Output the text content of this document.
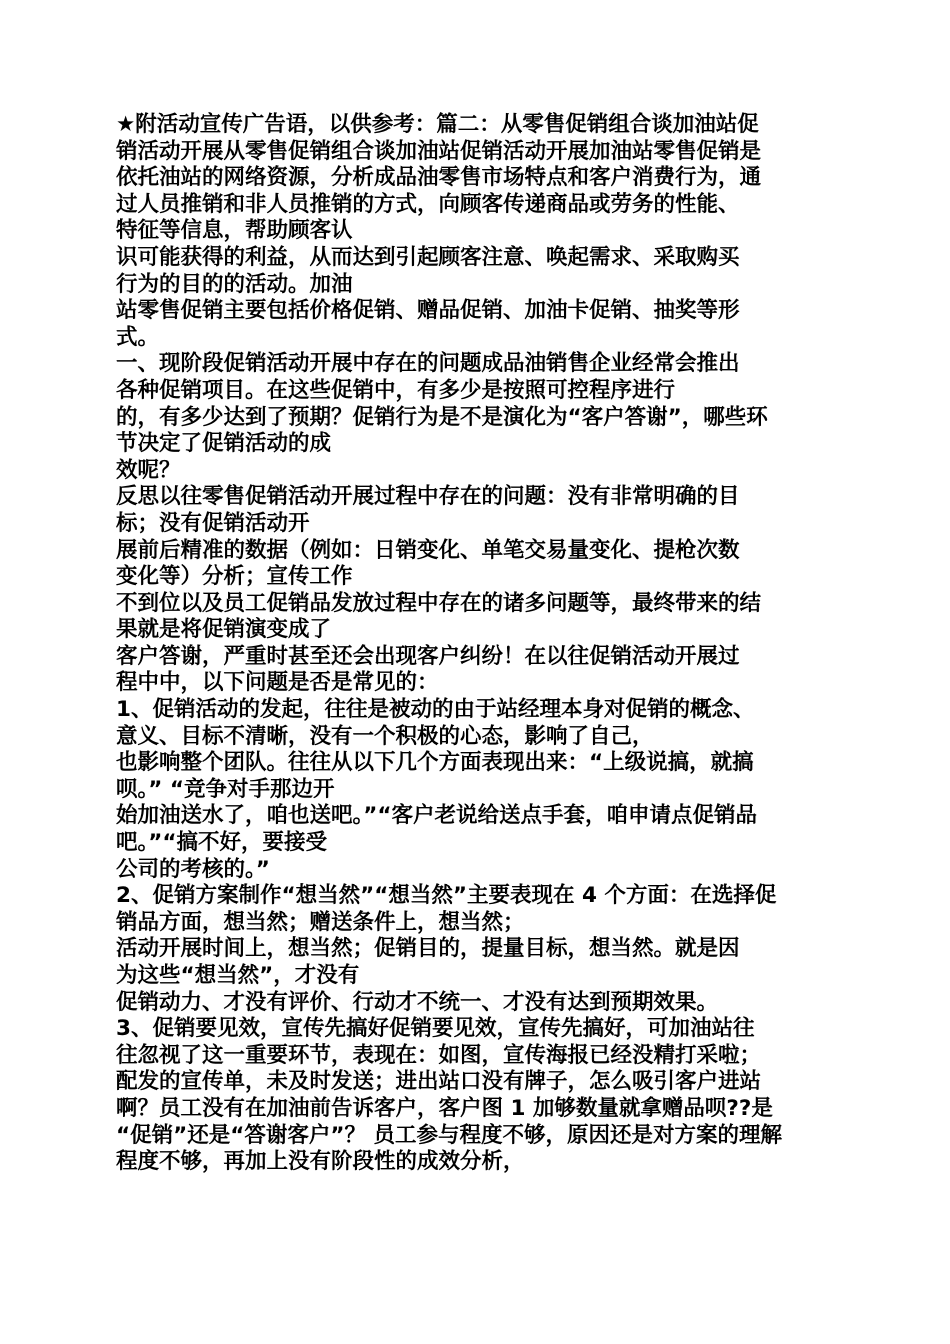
★附活动宣传广告语，以供参考：篇二：从零售促销组合谈加油站促
销活动开展从零售促销组合谈加油站促销活动开展加油站零售促销是
依托油站的网络资源，分析成品油零售市场特点和客户消费行为，通
过人员推销和非人员推销的方式，向顾客传递商品或劳务的性能、
特征等信息，帮助顾客认
识可能获得的利益，从而达到引起顾客注意、唤起需求、采取购买
行为的目的的活动。加油
站零售促销主要包括价格促销、赠品促销、加油卡促销、抽奖等形
式。
一、现阶段促销活动开展中存在的问题成品油销售企业经常会推出
各种促销项目。在这些促销中，有多少是按照可控程序进行
的，有多少达到了预期？促销行为是不是演化为“客户答谢”，哪些环
节决定了促销活动的成
效呢？
反思以往零售促销活动开展过程中存在的问题：没有非常明确的目
标；没有促销活动开
展前后精准的数据（例如：日销变化、单笔交易量变化、提枪次数
变化等）分析；宣传工作
不到位以及员工促销品发放过程中存在的诸多问题等，最终带来的结
果就是将促销演变成了
客户答谢，严重时甚至还会出现客户纠纷！在以往促销活动开展过
程中中，以下问题是否是常见的：
1、促销活动的发起，往往是被动的由于站经理本身对促销的概念、
意义、目标不清晰，没有一个积极的心态，影响了自己，
也影响整个团队。往往从以下几个方面表现出来：“上级说搞，就搞
呗。” “竞争对手那边开
始加油送水了，咱也送吧。”“客户老说给送点手套，咱申请点促销品
吧。”“搞不好，要接受
公司的考核的。”
2、促销方案制作“想当然”“想当然”主要表现在 4 个方面：在选择促
销品方面，想当然；赠送条件上，想当然；
活动开展时间上，想当然；促销目的，提量目标，想当然。就是因
为这些“想当然”，才没有
促销动力、才没有评价、行动才不统一、才没有达到预期效果。
3、促销要见效，宣传先搞好促销要见效，宣传先搞好，可加油站往
往忽视了这一重要环节，表现在：如图，宣传海报已经没精打采啦；
配发的宣传单，未及时发送；进出站口没有牌子，怎么吸引客户进站
啊？员工没有在加油前告诉客户，客户图 1 加够数量就拿赠品呗??是
“促销”还是“答谢客户”？ 员工参与程度不够，原因还是对方案的理解
程度不够，再加上没有阶段性的成效分析，
